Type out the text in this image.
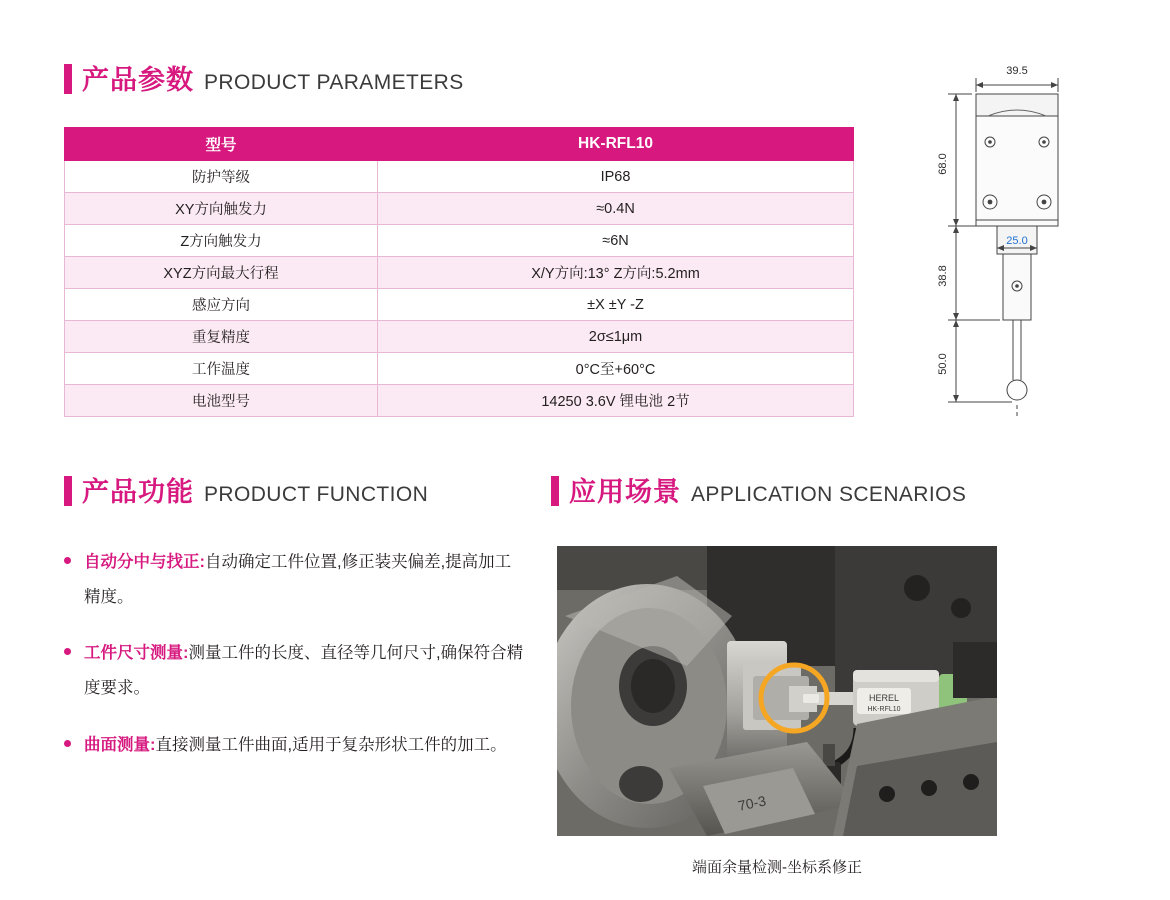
产品参数 PRODUCT PARAMETERS
型号	HK-RFL10
防护等级	IP68
XY方向触发力	≈0.4N
Z方向触发力	≈6N
XYZ方向最大行程	X/Y方向:13° Z方向:5.2mm
感应方向	±X ±Y -Z
重复精度	2σ≤1μm
工作温度	0°C至+60°C
电池型号	14250 3.6V 锂电池 2节
39.5
68.0
38.8
50.0
25.0
产品功能 PRODUCT FUNCTION
自动分中与找正:自动确定工件位置,修正装夹偏差,提高加工精度。
工件尺寸测量:测量工件的长度、直径等几何尺寸,确保符合精度要求。
曲面测量:直接测量工件曲面,适用于复杂形状工件的加工。
应用场景 APPLICATION SCENARIOS
HEREL
HK-RFL10
70-3
端面余量检测-坐标系修正
